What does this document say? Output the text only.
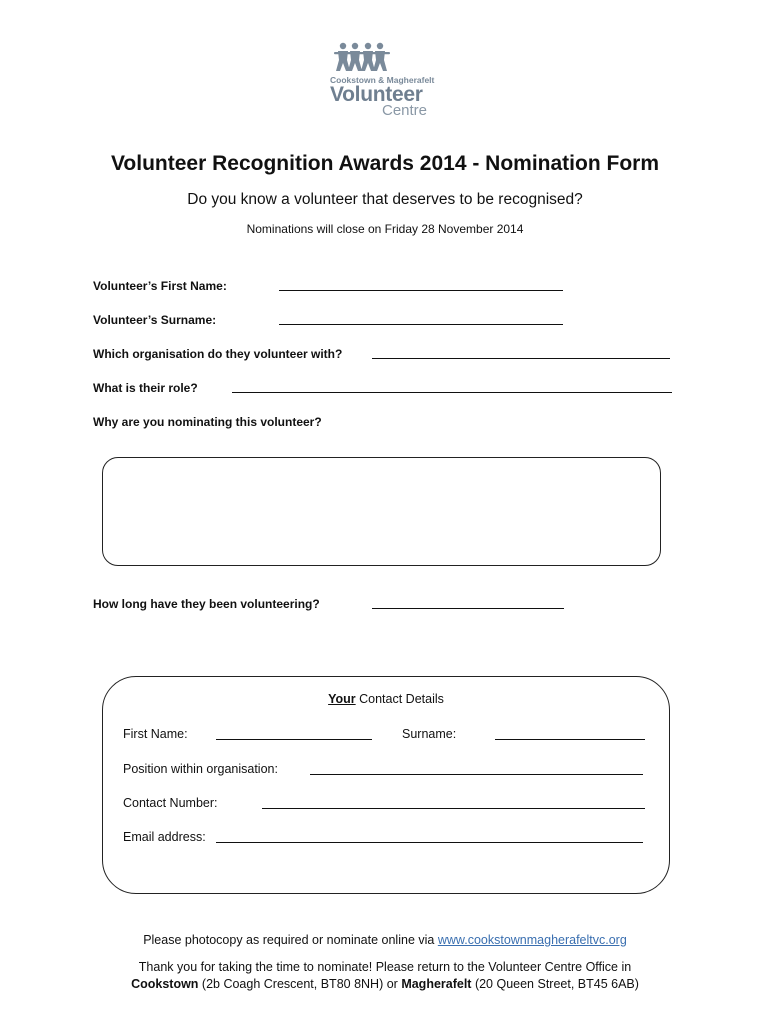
Cookstown & Magherafelt
Volunteer
Centre
Volunteer Recognition Awards 2014 - Nomination Form
Do you know a volunteer that deserves to be recognised?
Nominations will close on Friday 28 November 2014
Volunteer’s First Name:
Volunteer’s Surname:
Which organisation do they volunteer with?
What is their role?
Why are you nominating this volunteer?
How long have they been volunteering?
Your Contact Details
First Name:	Surname:
Position within organisation:
Contact Number:
Email address:
Please photocopy as required or nominate online via www.cookstownmagherafeltvc.org
Thank you for taking the time to nominate! Please return to the Volunteer Centre Office in
Cookstown (2b Coagh Crescent, BT80 8NH) or Magherafelt (20 Queen Street, BT45 6AB)
